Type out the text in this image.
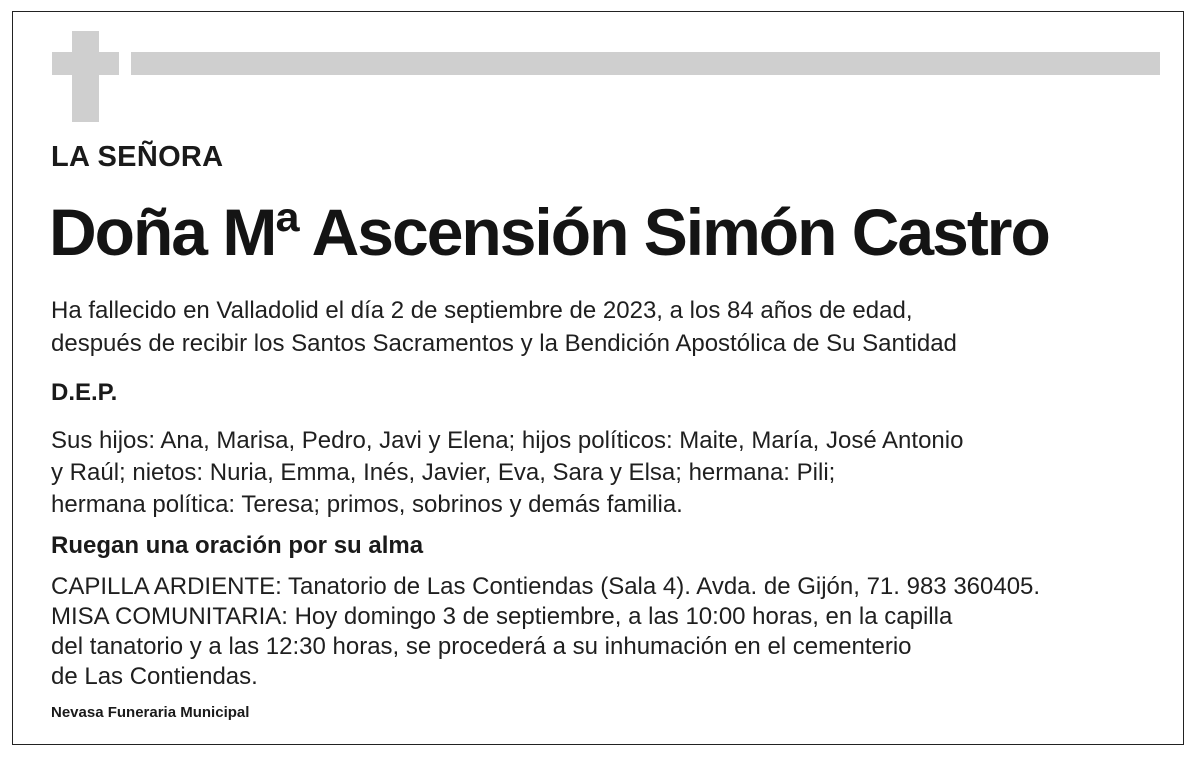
LA SEÑORA

Doña Mª Ascensión Simón Castro

Ha fallecido en Valladolid el día 2 de septiembre de 2023, a los 84 años de edad,
después de recibir los Santos Sacramentos y la Bendición Apostólica de Su Santidad

D.E.P.

Sus hijos: Ana, Marisa, Pedro, Javi y Elena; hijos políticos: Maite, María, José Antonio
y Raúl; nietos: Nuria, Emma, Inés, Javier, Eva, Sara y Elsa; hermana: Pili;
hermana política: Teresa; primos, sobrinos y demás familia.

Ruegan una oración por su alma

CAPILLA ARDIENTE: Tanatorio de Las Contiendas (Sala 4). Avda. de Gijón, 71. 983 360405.
MISA COMUNITARIA: Hoy domingo 3 de septiembre, a las 10:00 horas, en la capilla
del tanatorio y a las 12:30 horas, se procederá a su inhumación en el cementerio
de Las Contiendas.

Nevasa Funeraria Municipal
